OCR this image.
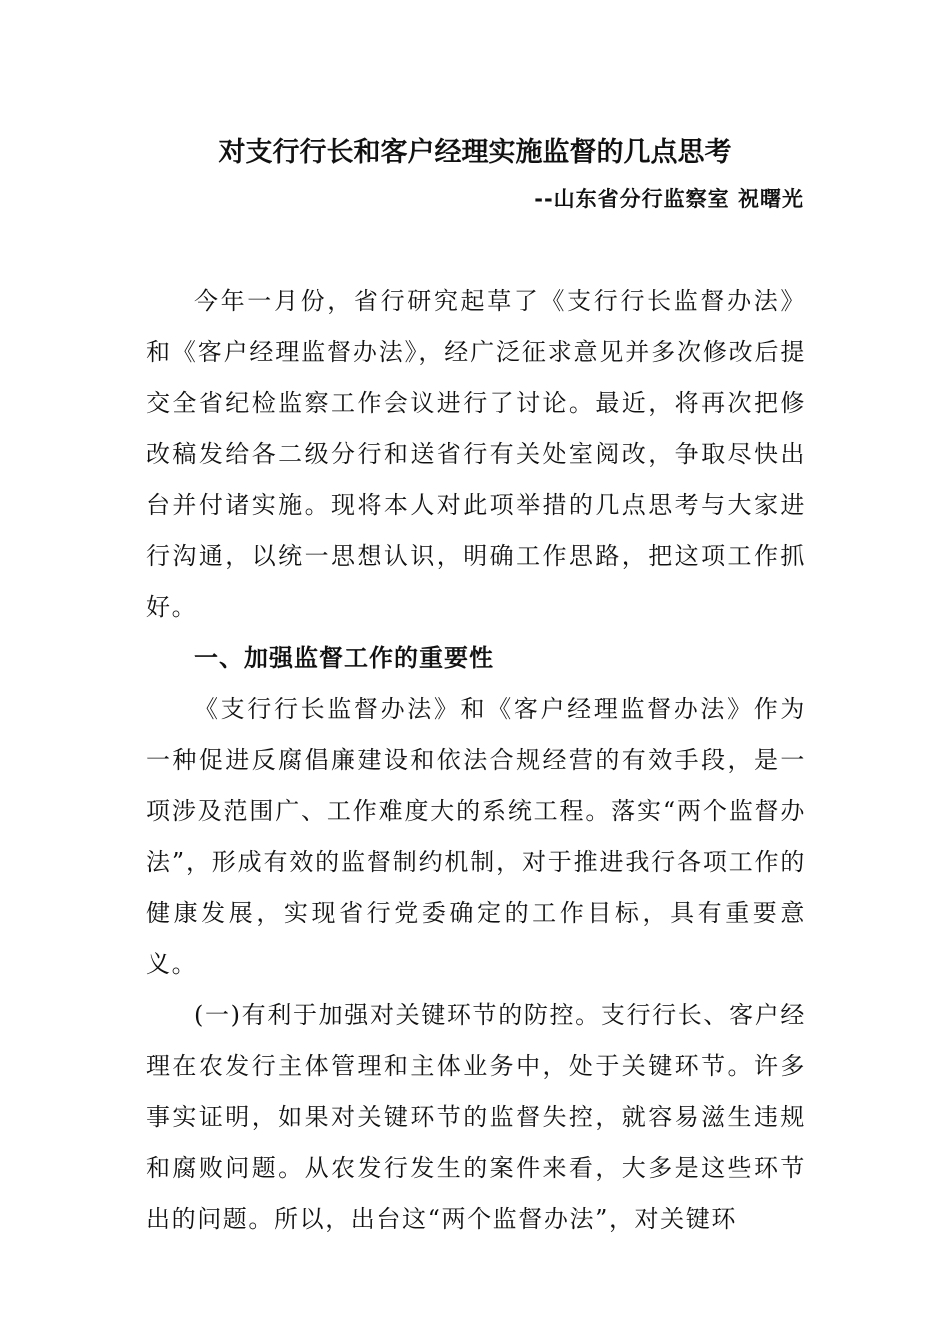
对支行行长和客户经理实施监督的几点思考
--山东省分行监察室 祝曙光

今年一月份，省行研究起草了《支行行长监督办法》和《客户经理监督办法》，经广泛征求意见并多次修改后提交全省纪检监察工作会议进行了讨论。最近，将再次把修改稿发给各二级分行和送省行有关处室阅改，争取尽快出台并付诸实施。现将本人对此项举措的几点思考与大家进行沟通，以统一思想认识，明确工作思路，把这项工作抓好。

一、加强监督工作的重要性

《支行行长监督办法》和《客户经理监督办法》作为一种促进反腐倡廉建设和依法合规经营的有效手段，是一项涉及范围广、工作难度大的系统工程。落实“两个监督办法”，形成有效的监督制约机制，对于推进我行各项工作的健康发展，实现省行党委确定的工作目标，具有重要意义。

(一)有利于加强对关键环节的防控。支行行长、客户经理在农发行主体管理和主体业务中，处于关键环节。许多事实证明，如果对关键环节的监督失控，就容易滋生违规和腐败问题。从农发行发生的案件来看，大多是这些环节出的问题。所以，出台这“两个监督办法”，对关键环
